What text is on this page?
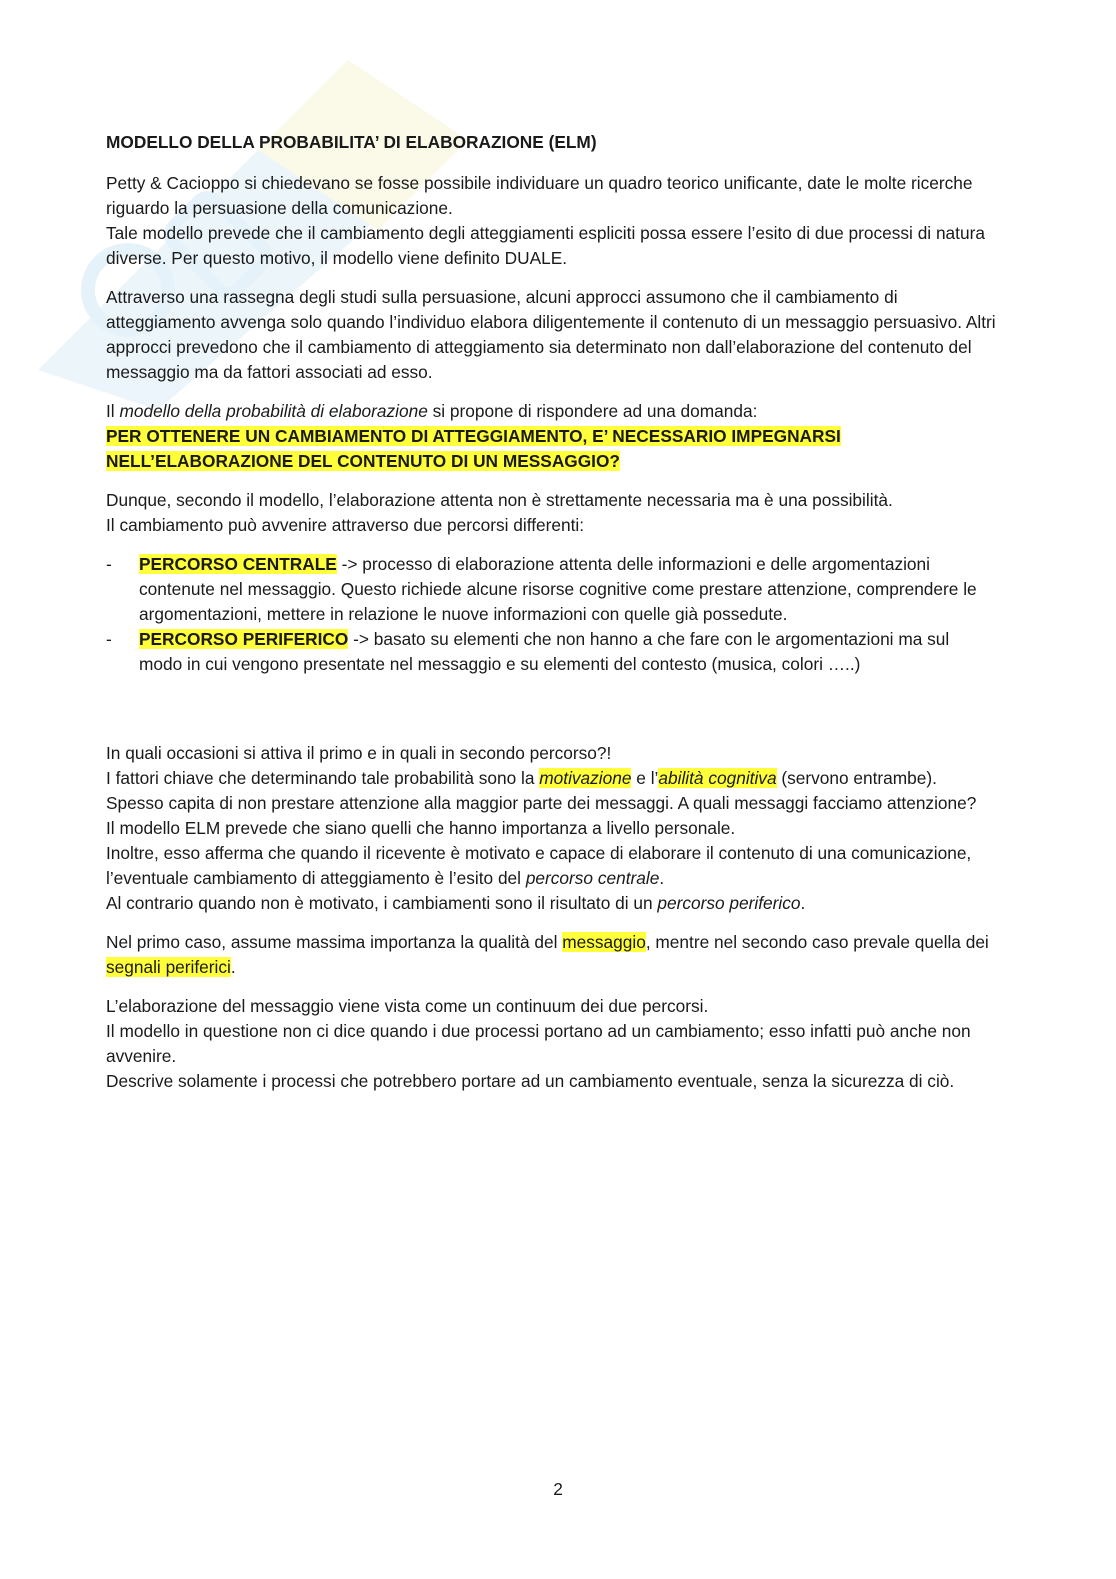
MODELLO DELLA PROBABILITA’ DI ELABORAZIONE (ELM)

Petty & Cacioppo si chiedevano se fosse possibile individuare un quadro teorico unificante, date le molte ricerche riguardo la persuasione della comunicazione.
Tale modello prevede che il cambiamento degli atteggiamenti espliciti possa essere l’esito di due processi di natura diverse. Per questo motivo, il modello viene definito DUALE.

Attraverso una rassegna degli studi sulla persuasione, alcuni approcci assumono che il cambiamento di atteggiamento avvenga solo quando l’individuo elabora diligentemente il contenuto di un messaggio persuasivo. Altri approcci prevedono che il cambiamento di atteggiamento sia determinato non dall’elaborazione del contenuto del messaggio ma da fattori associati ad esso.

Il modello della probabilità di elaborazione si propone di rispondere ad una domanda:
PER OTTENERE UN CAMBIAMENTO DI ATTEGGIAMENTO, E’ NECESSARIO IMPEGNARSI
NELL’ELABORAZIONE DEL CONTENUTO DI UN MESSAGGIO?

Dunque, secondo il modello, l’elaborazione attenta non è strettamente necessaria ma è una possibilità.
Il cambiamento può avvenire attraverso due percorsi differenti:

- PERCORSO CENTRALE -> processo di elaborazione attenta delle informazioni e delle argomentazioni contenute nel messaggio. Questo richiede alcune risorse cognitive come prestare attenzione, comprendere le argomentazioni, mettere in relazione le nuove informazioni con quelle già possedute.
- PERCORSO PERIFERICO -> basato su elementi che non hanno a che fare con le argomentazioni ma sul modo in cui vengono presentate nel messaggio e su elementi del contesto (musica, colori …..)

In quali occasioni si attiva il primo e in quali in secondo percorso?!
I fattori chiave che determinando tale probabilità sono la motivazione e l’abilità cognitiva (servono entrambe).
Spesso capita di non prestare attenzione alla maggior parte dei messaggi. A quali messaggi facciamo attenzione?
Il modello ELM prevede che siano quelli che hanno importanza a livello personale.
Inoltre, esso afferma che quando il ricevente è motivato e capace di elaborare il contenuto di una comunicazione, l’eventuale cambiamento di atteggiamento è l’esito del percorso centrale.
Al contrario quando non è motivato, i cambiamenti sono il risultato di un percorso periferico.

Nel primo caso, assume massima importanza la qualità del messaggio, mentre nel secondo caso prevale quella dei segnali periferici.

L’elaborazione del messaggio viene vista come un continuum dei due percorsi.
Il modello in questione non ci dice quando i due processi portano ad un cambiamento; esso infatti può anche non avvenire.
Descrive solamente i processi che potrebbero portare ad un cambiamento eventuale, senza la sicurezza di ciò.

2
